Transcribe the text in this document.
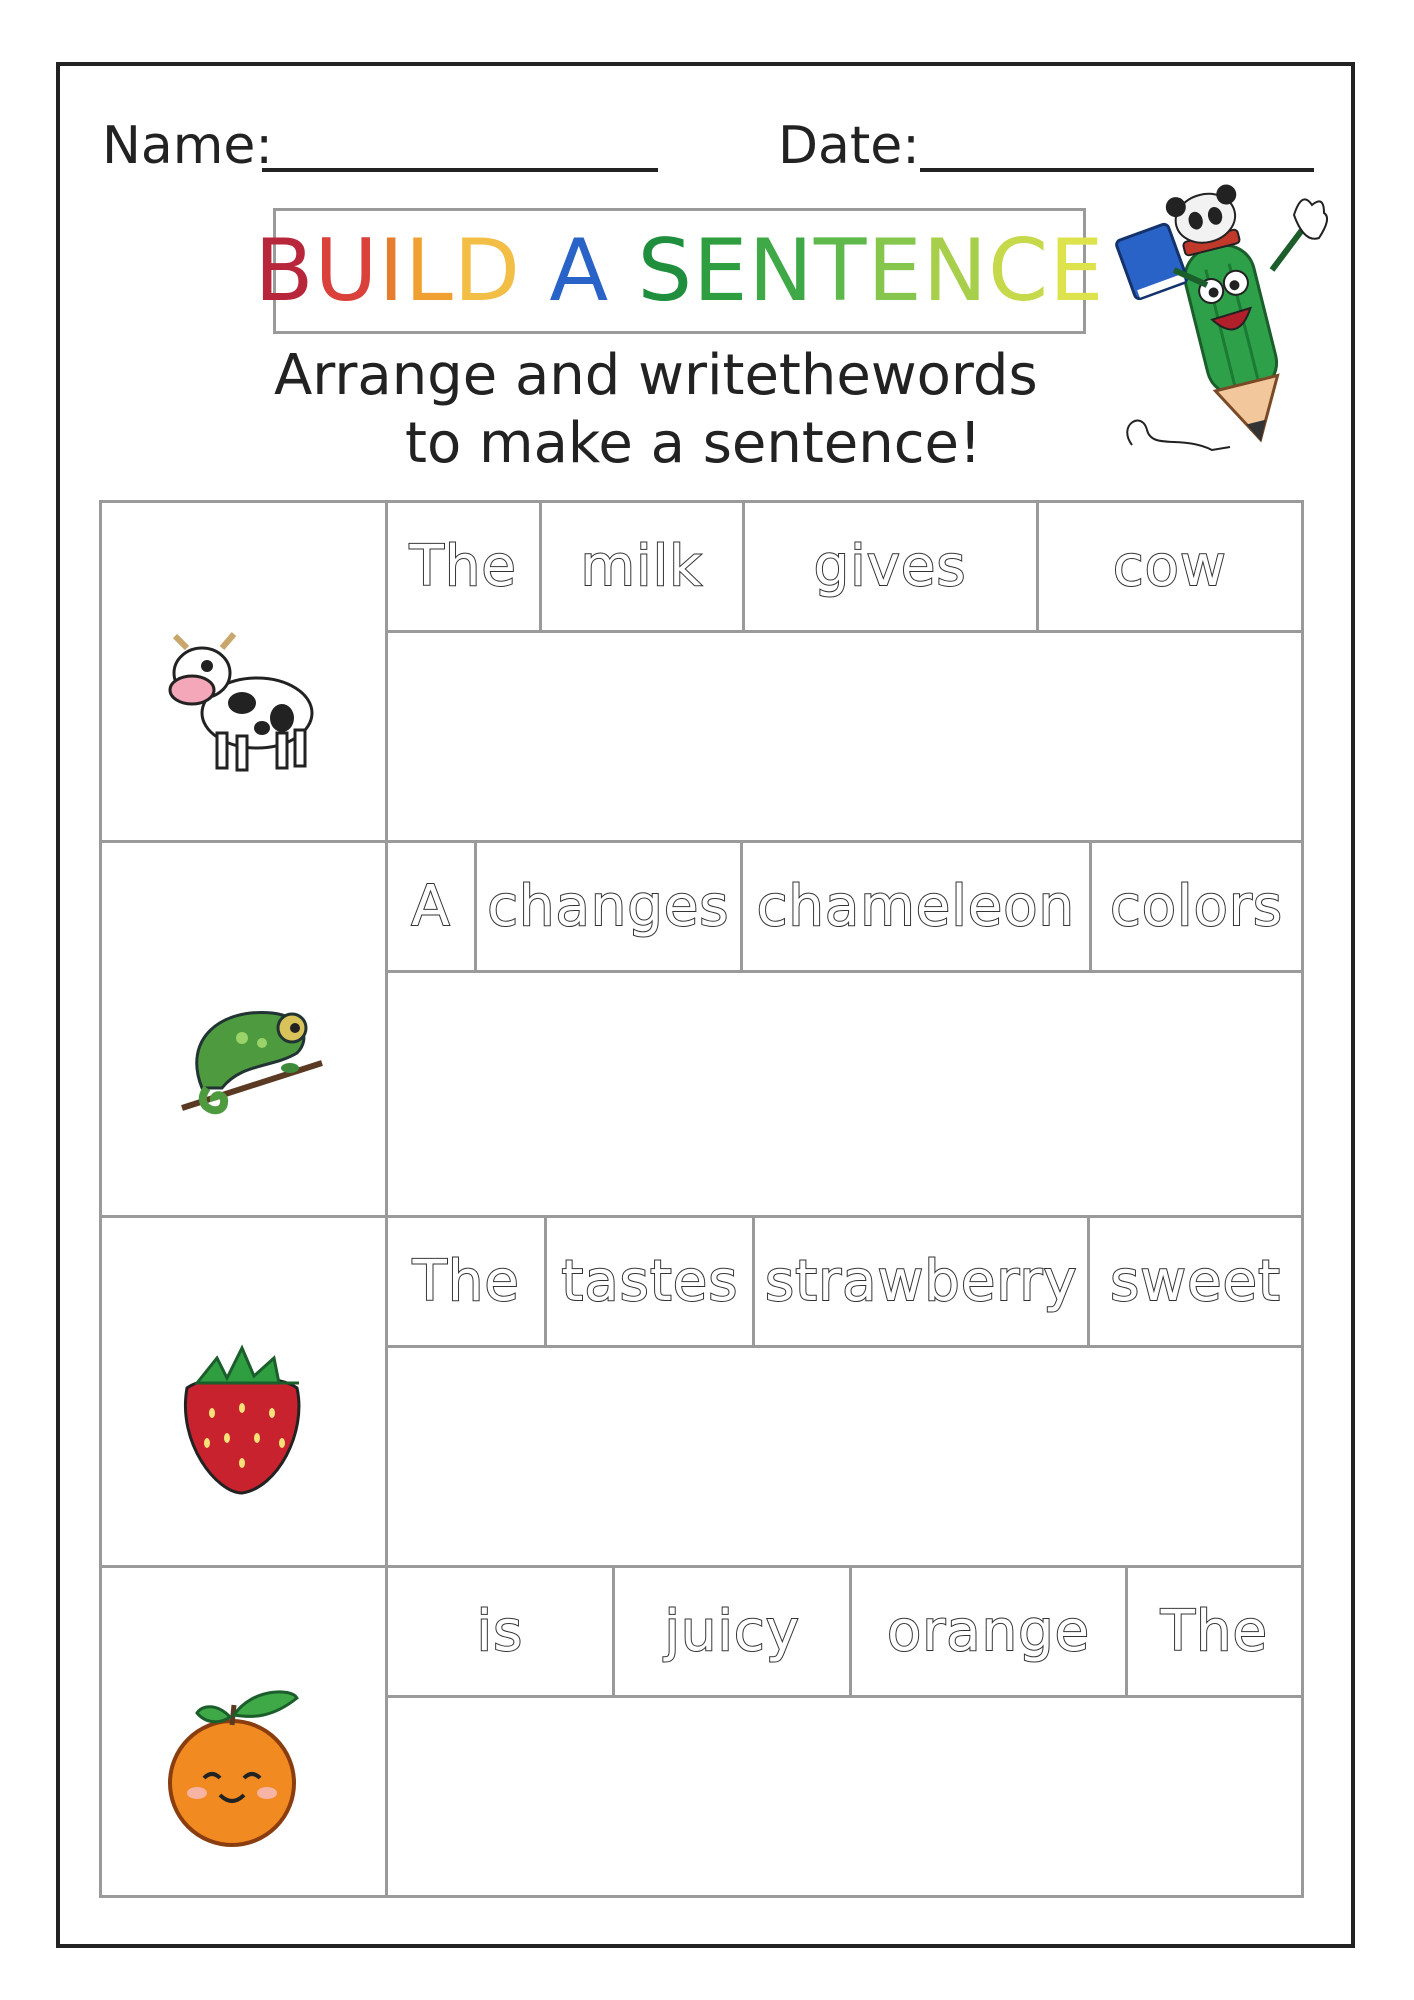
Name:	Date:
BUILD A SENTENCE
Arrange and writethewords
to make a sentence!
The	milk	gives	cow
A changes chameleon colors
The tastes strawberry sweet
is	juicy	orange	The
